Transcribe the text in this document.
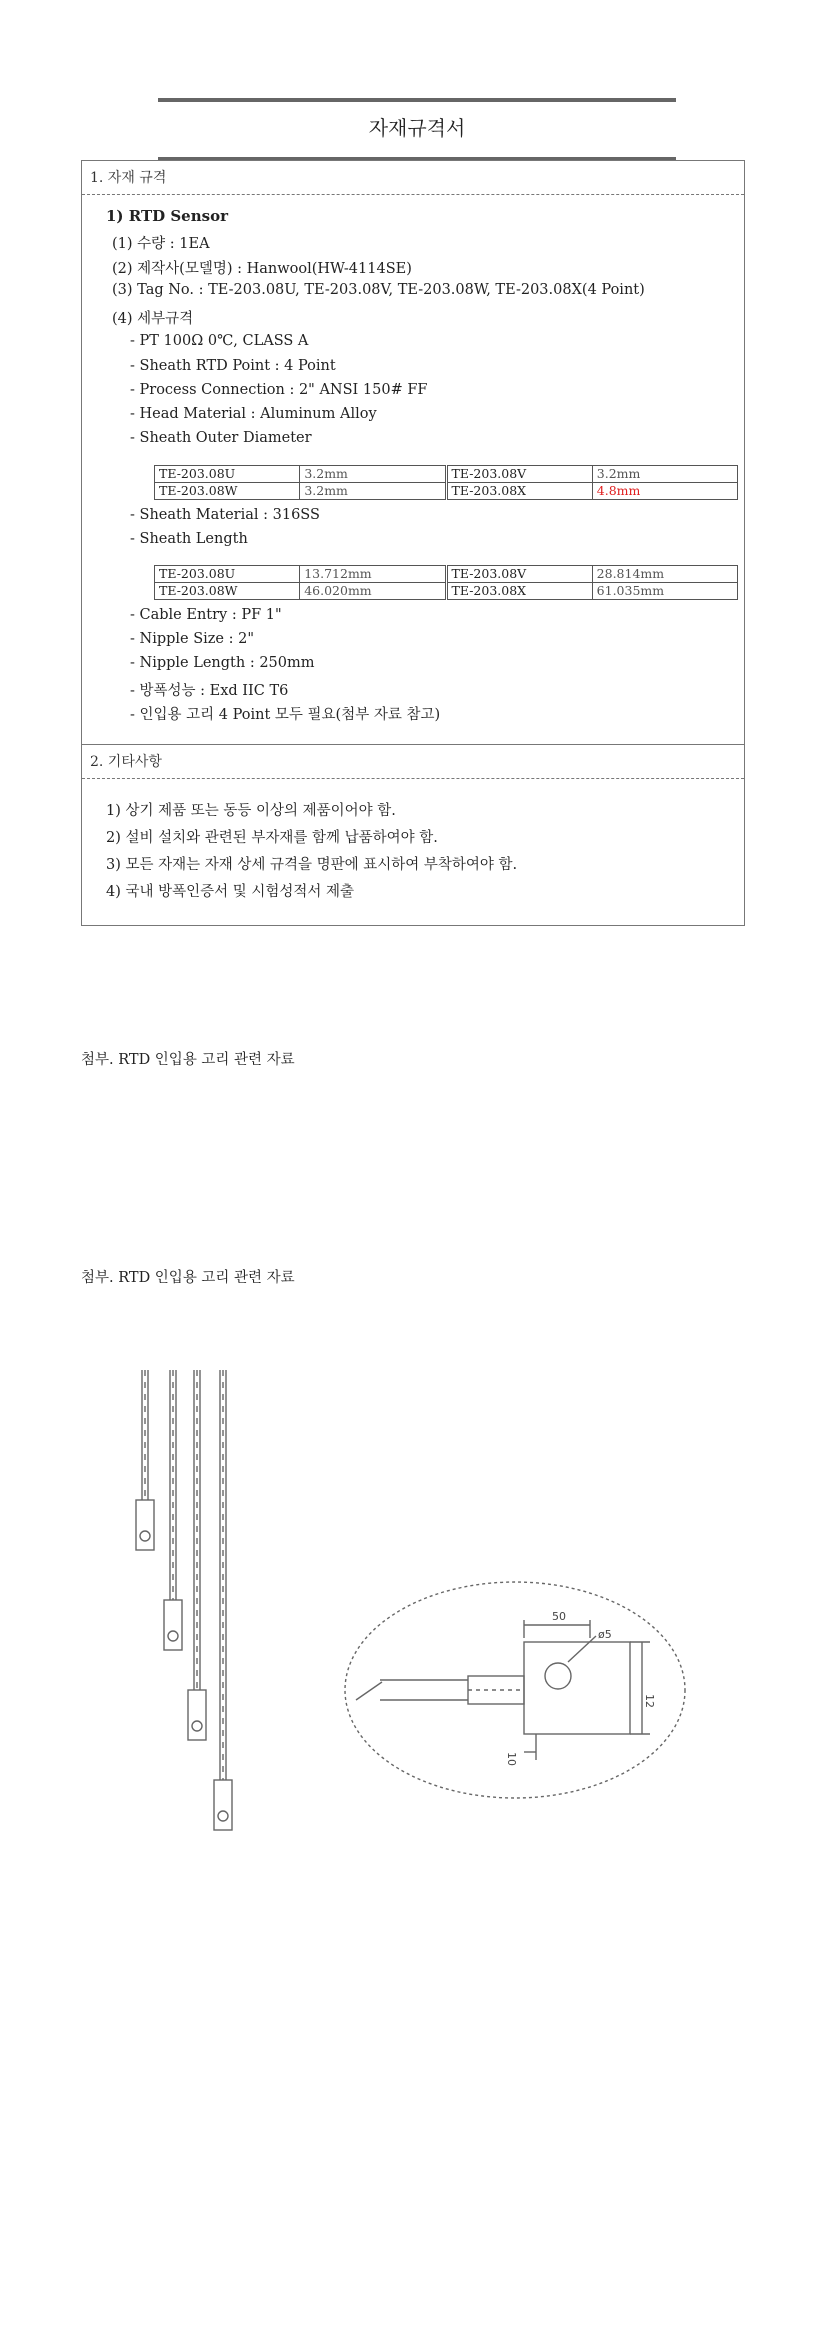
자재규격서
1. 자재 규격
1) RTD Sensor
(1) 수량 : 1EA
(2) 제작사(모델명) : Hanwool(HW-4114SE)
(3) Tag No. : TE-203.08U, TE-203.08V, TE-203.08W, TE-203.08X(4 Point)
(4) 세부규격
- PT 100Ω 0℃, CLASS A
- Sheath RTD Point : 4 Point
- Process Connection : 2" ANSI 150# FF
- Head Material : Aluminum Alloy
- Sheath Outer Diameter
TE-203.08U	3.2mm	TE-203.08V	3.2mm
TE-203.08W	3.2mm	TE-203.08X	4.8mm
- Sheath Material : 316SS
- Sheath Length
TE-203.08U	13.712mm	TE-203.08V	28.814mm
TE-203.08W	46.020mm	TE-203.08X	61.035mm
- Cable Entry : PF 1"
- Nipple Size : 2"
- Nipple Length : 250mm
- 방폭성능 : Exd IIC T6
- 인입용 고리 4 Point 모두 필요(첨부 자료 참고)
2. 기타사항
1) 상기 제품 또는 동등 이상의 제품이어야 함.
2) 설비 설치와 관련된 부자재를 함께 납품하여야 함.
3) 모든 자재는 자재 상세 규격을 명판에 표시하여 부착하여야 함.
4) 국내 방폭인증서 및 시험성적서 제출
첨부. RTD 인입용 고리 관련 자료
첨부. RTD 인입용 고리 관련 자료
50
ø5
12
10
